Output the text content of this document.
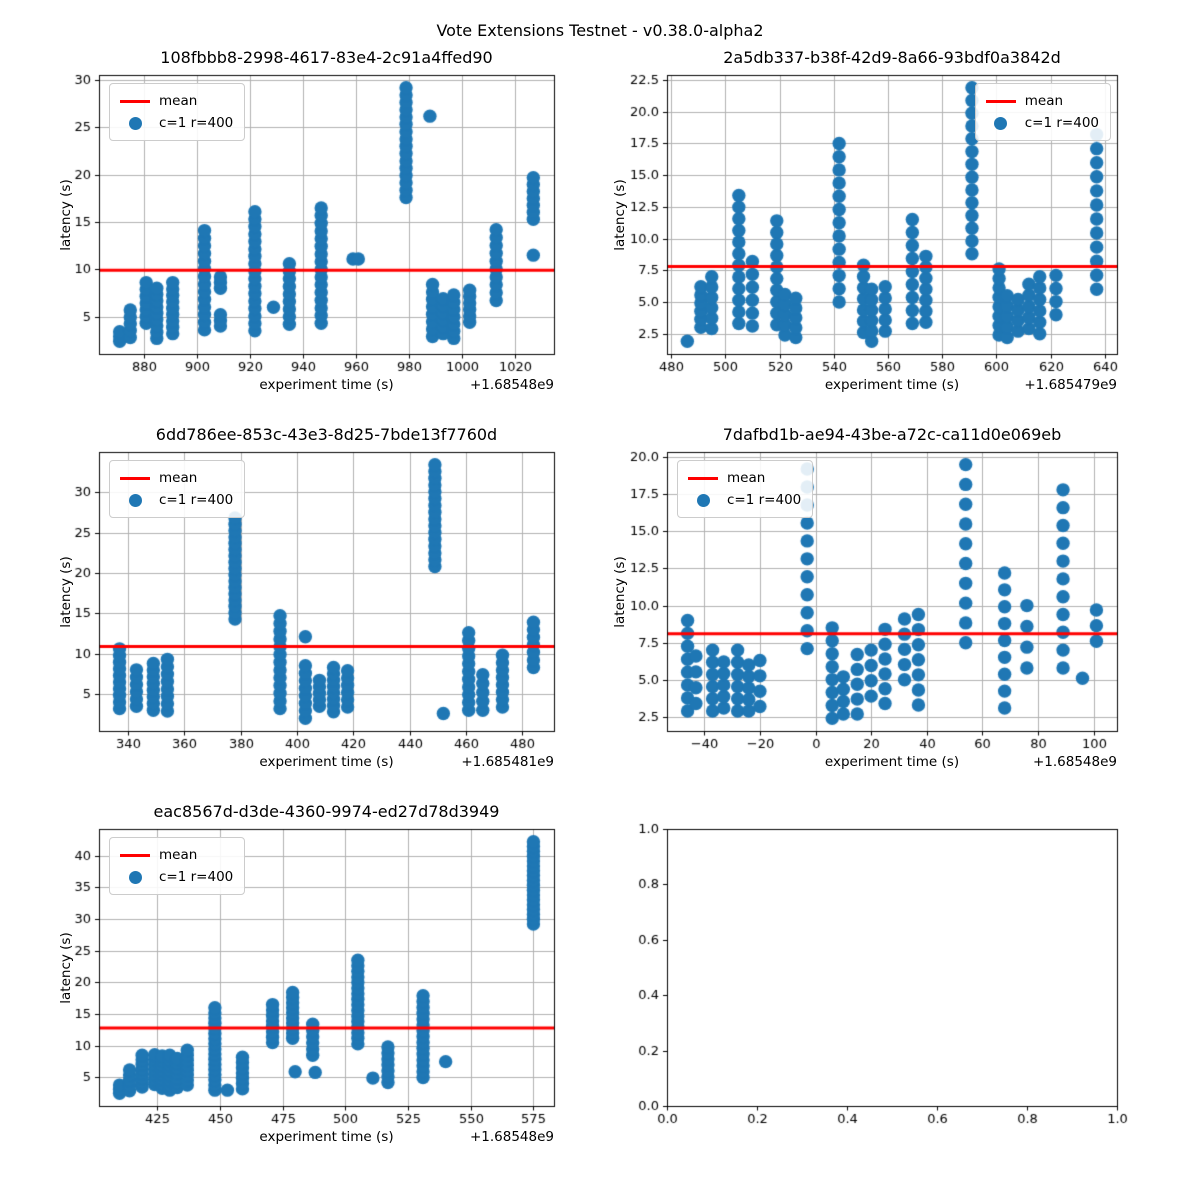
Vote Extensions Testnet - v0.38.0-alpha2
108fbbb8-2998-4617-83e4-2c91a4ffed90
latency (s)
experiment time (s)	+1.68548e9
mean
c=1 r=400
2a5db337-b38f-42d9-8a66-93bdf0a3842d
latency (s)
experiment time (s)	+1.685479e9
mean
c=1 r=400
6dd786ee-853c-43e3-8d25-7bde13f7760d
latency (s)
experiment time (s)	+1.685481e9
mean
c=1 r=400
7dafbd1b-ae94-43be-a72c-ca11d0e069eb
latency (s)
experiment time (s)	+1.68548e9
mean
c=1 r=400
eac8567d-d3de-4360-9974-ed27d78d3949
latency (s)
experiment time (s)	+1.68548e9
mean
c=1 r=400
